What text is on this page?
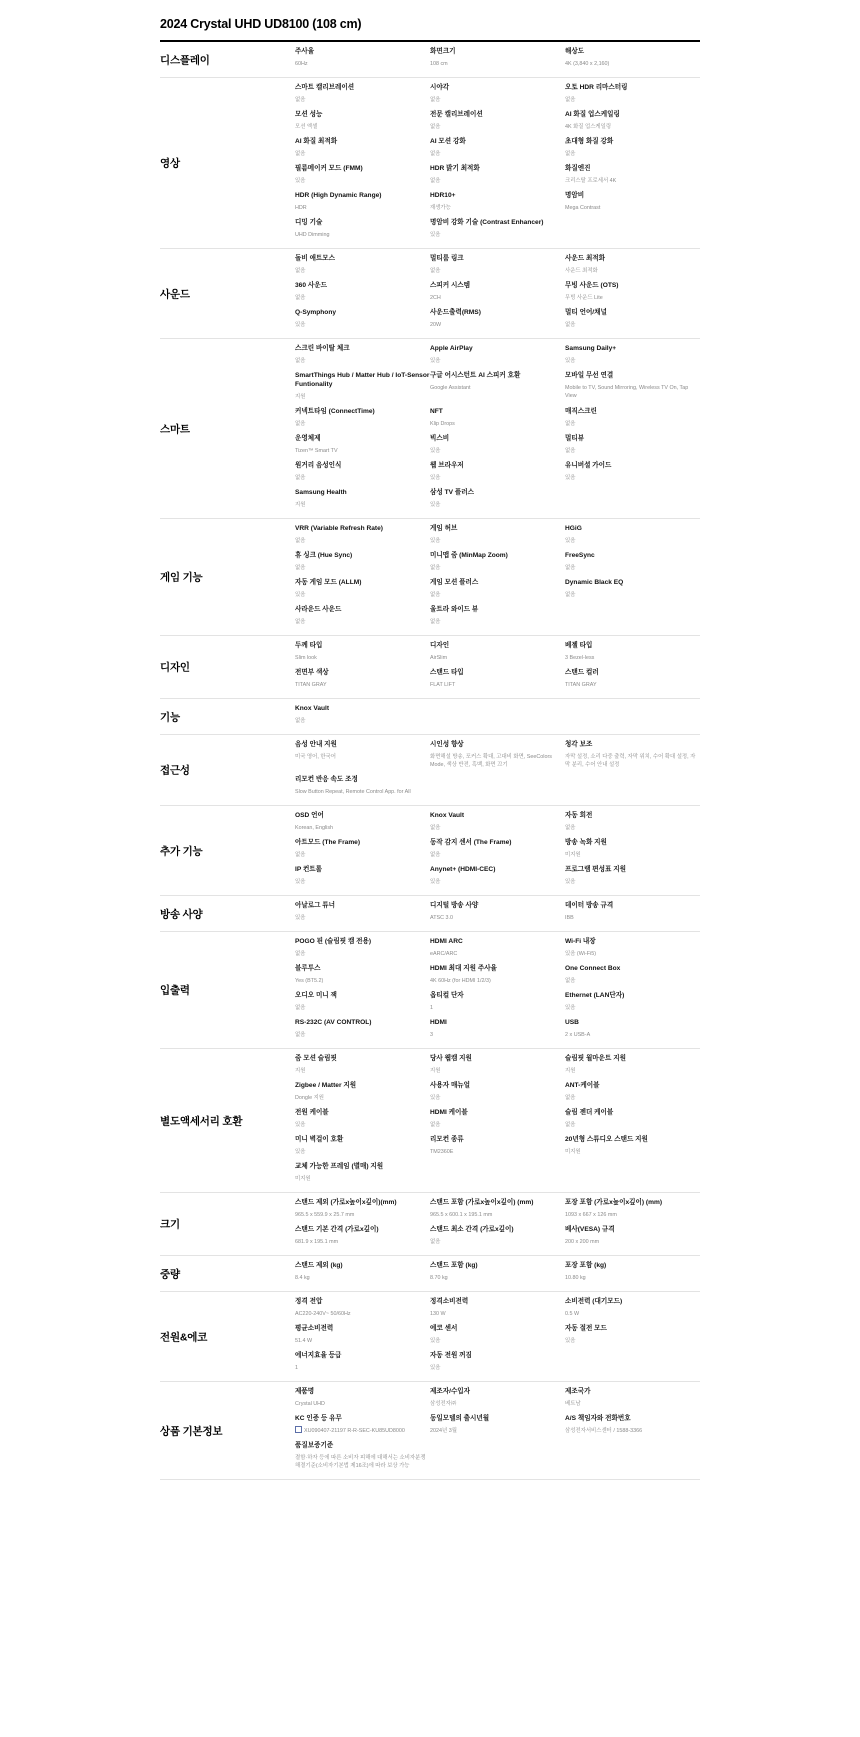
2024 Crystal UHD UD8100 (108 cm)
디스플레이
주사율
60Hz
화면크기
108 cm
해상도
4K (3,840 x 2,160)
영상
스마트 캘리브레이션
없음
시야각
없음
오토 HDR 리마스터링
없음
모션 성능
모션 엑셀
전문 캘리브레이션
없음
AI 화질 업스케일링
4K 화질 업스케일링
AI 화질 최적화
없음
AI 모션 강화
없음
초대형 화질 강화
없음
필름메이커 모드 (FMM)
있음
HDR 밝기 최적화
없음
화질엔진
크리스탈 프로세서 4K
HDR (High Dynamic Range)
HDR
HDR10+
재생가능
명암비
Mega Contrast
디밍 기술
UHD Dimming
명암비 강화 기술 (Contrast Enhancer)
있음
사운드
돌비 애트모스
없음
멀티룸 링크
없음
사운드 최적화
사운드 최적화
360 사운드
없음
스피커 시스템
2CH
무빙 사운드 (OTS)
무빙 사운드 Lite
Q-Symphony
있음
사운드출력(RMS)
20W
멀티 언어/채널
없음
스마트
스크린 바이탈 체크
없음
Apple AirPlay
있음
Samsung Daily+
있음
SmartThings Hub / Matter Hub / IoT-Sensor Funtionality
지원
구글 어시스턴트 AI 스피커 호환
Google Assistant
모바일 무선 연결
Mobile to TV, Sound Mirroring, Wireless TV On, Tap View
커넥트타임 (ConnectTime)
없음
NFT
Klip Drops
매직스크린
없음
운영체제
Tizen™ Smart TV
빅스비
있음
멀티뷰
없음
원거리 음성인식
없음
웹 브라우저
있음
유니버셜 가이드
있음
Samsung Health
지원
삼성 TV 플러스
있음
게임 기능
VRR (Variable Refresh Rate)
없음
게임 허브
있음
HGiG
있음
휴 싱크 (Hue Sync)
없음
미니맵 줌 (MinMap Zoom)
없음
FreeSync
없음
자동 게임 모드 (ALLM)
있음
게임 모션 플러스
없음
Dynamic Black EQ
없음
사라운드 사운드
없음
울트라 와이드 뷰
없음
디자인
두께 타입
Slim look
디자인
AirSlim
베젤 타입
3 Bezel-less
전면부 색상
TITAN GRAY
스탠드 타입
FLAT LIFT
스탠드 컬러
TITAN GRAY
기능
Knox Vault
없음
접근성
음성 안내 지원
미국 영어, 한국어
시인성 향상
화면해설 방송, 포커스 확대, 고대비 화면, SeeColors Mode, 색상 반전, 흑백, 화면 끄기
청각 보조
자막 설정, 소리 다중 출력, 자막 위치, 수어 확대 설정, 자막 분리, 수어 안내 설정
리모컨 반응 속도 조정
Slow Button Repeat, Remote Control App. for All
추가 기능
OSD 언어
Korean, English
Knox Vault
없음
자동 회전
없음
아트모드 (The Frame)
없음
동작 감지 센서 (The Frame)
없음
방송 녹화 지원
미지원
IP 컨트롤
있음
Anynet+ (HDMI-CEC)
있음
프로그램 편성표 지원
있음
방송 사양
아날로그 튜너
있음
디지털 방송 사양
ATSC 3.0
데이터 방송 규격
IBB
입출력
POGO 핀 (슬림핏 캠 전용)
없음
HDMI ARC
eARC/ARC
Wi-Fi 내장
있음 (Wi-Fi5)
블루투스
Yes (BT5.2)
HDMI 최대 지원 주사율
4K 60Hz (for HDMI 1/2/3)
One Connect Box
없음
오디오 미니 잭
없음
옵티컬 단자
1
Ethernet (LAN단자)
있음
RS-232C (AV CONTROL)
없음
HDMI
3
USB
2 x USB-A
별도액세서리 호환
줌 모션 슬림핏
지원
당사 웹캠 지원
지원
슬림핏 월마운트 지원
지원
Zigbee / Matter 지원
Dongle 지원
사용자 매뉴얼
있음
ANT-케이블
없음
전원 케이블
있음
HDMI 케이블
없음
슬림 젠더 케이블
없음
미니 벽걸이 호환
있음
리모컨 종류
TM2360E
20년형 스튜디오 스탠드 지원
미지원
교체 가능한 프레임 (별매) 지원
미지원
크기
스탠드 제외 (가로x높이x깊이)(mm)
965.5 x 559.9 x 25.7 mm
스탠드 포함 (가로x높이x깊이) (mm)
965.5 x 600.1 x 195.1 mm
포장 포함 (가로x높이x깊이) (mm)
1093 x 667 x 126 mm
스탠드 기본 간격 (가로x깊이)
681.9 x 195.1 mm
스탠드 최소 간격 (가로x깊이)
없음
베사(VESA) 규격
200 x 200 mm
중량
스탠드 제외 (kg)
8.4 kg
스탠드 포함 (kg)
8.70 kg
포장 포함 (kg)
10.80 kg
전원&에코
정격 전압
AC220-240V~ 50/60Hz
정격소비전력
130 W
소비전력 (대기모드)
0.5 W
평균소비전력
51.4 W
에코 센서
있음
자동 절전 모드
있음
에너지효율 등급
1
자동 전원 꺼짐
있음
상품 기본정보
제품명
Crystal UHD
제조자/수입자
삼성전자㈜
제조국가
베트남
KC 인증 등 유무
XU090407-21197 R-R-SEC-KU85UD8000
동일모델의 출시년월
2024년 3월
A/S 책임자와 전화번호
삼성전자서비스센터 / 1588-3366
품질보증기준
결함·하자 등에 따른 소비자 피해에 대해서는 소비자분쟁해결기준(소비자기본법 제16조)에 따라 보상 가능
